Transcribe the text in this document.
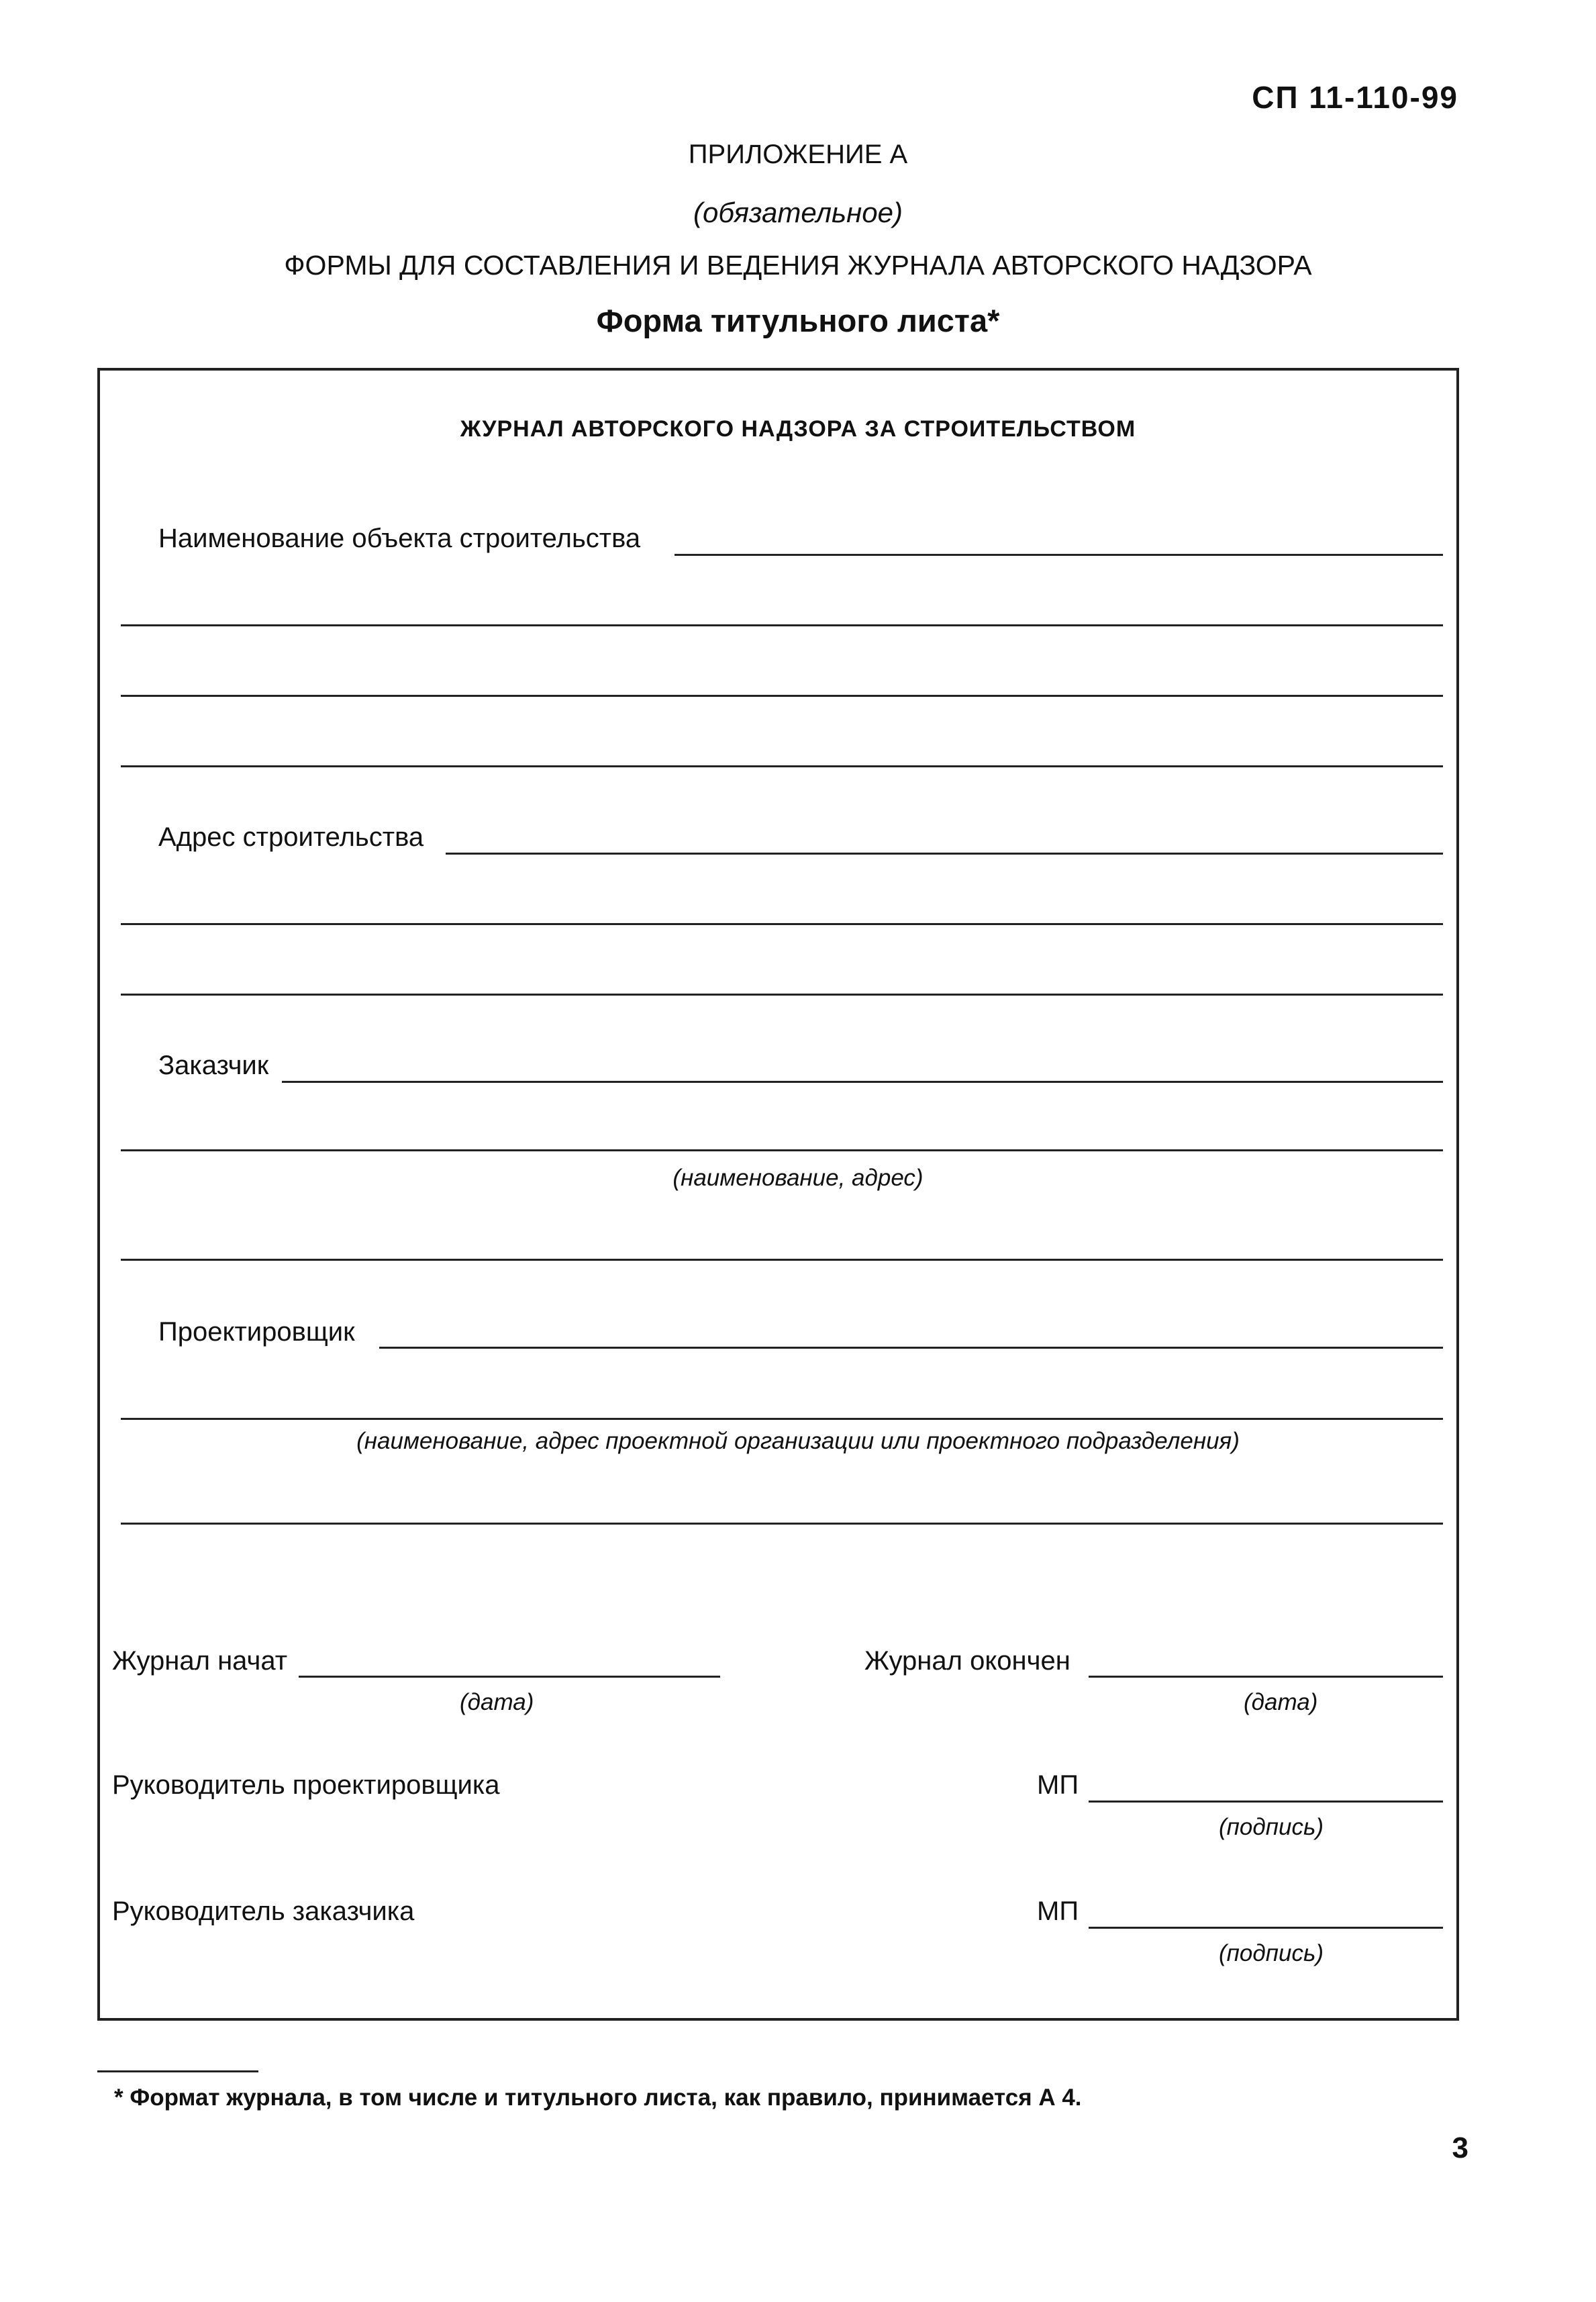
СП 11-110-99
ПРИЛОЖЕНИЕ А
(обязательное)
ФОРМЫ ДЛЯ СОСТАВЛЕНИЯ И ВЕДЕНИЯ ЖУРНАЛА АВТОРСКОГО НАДЗОРА
Форма титульного листа*
ЖУРНАЛ АВТОРСКОГО НАДЗОРА ЗА СТРОИТЕЛЬСТВОМ
Наименование объекта строительства
Адрес строительства
Заказчик
(наименование, адрес)
Проектировщик
(наименование, адрес проектной организации или проектного подразделения)
Журнал начат
(дата)
Журнал окончен
(дата)
Руководитель проектировщика	МП
(подпись)
Руководитель заказчика	МП
(подпись)
* Формат журнала, в том числе и титульного листа, как правило, принимается А 4.
3
